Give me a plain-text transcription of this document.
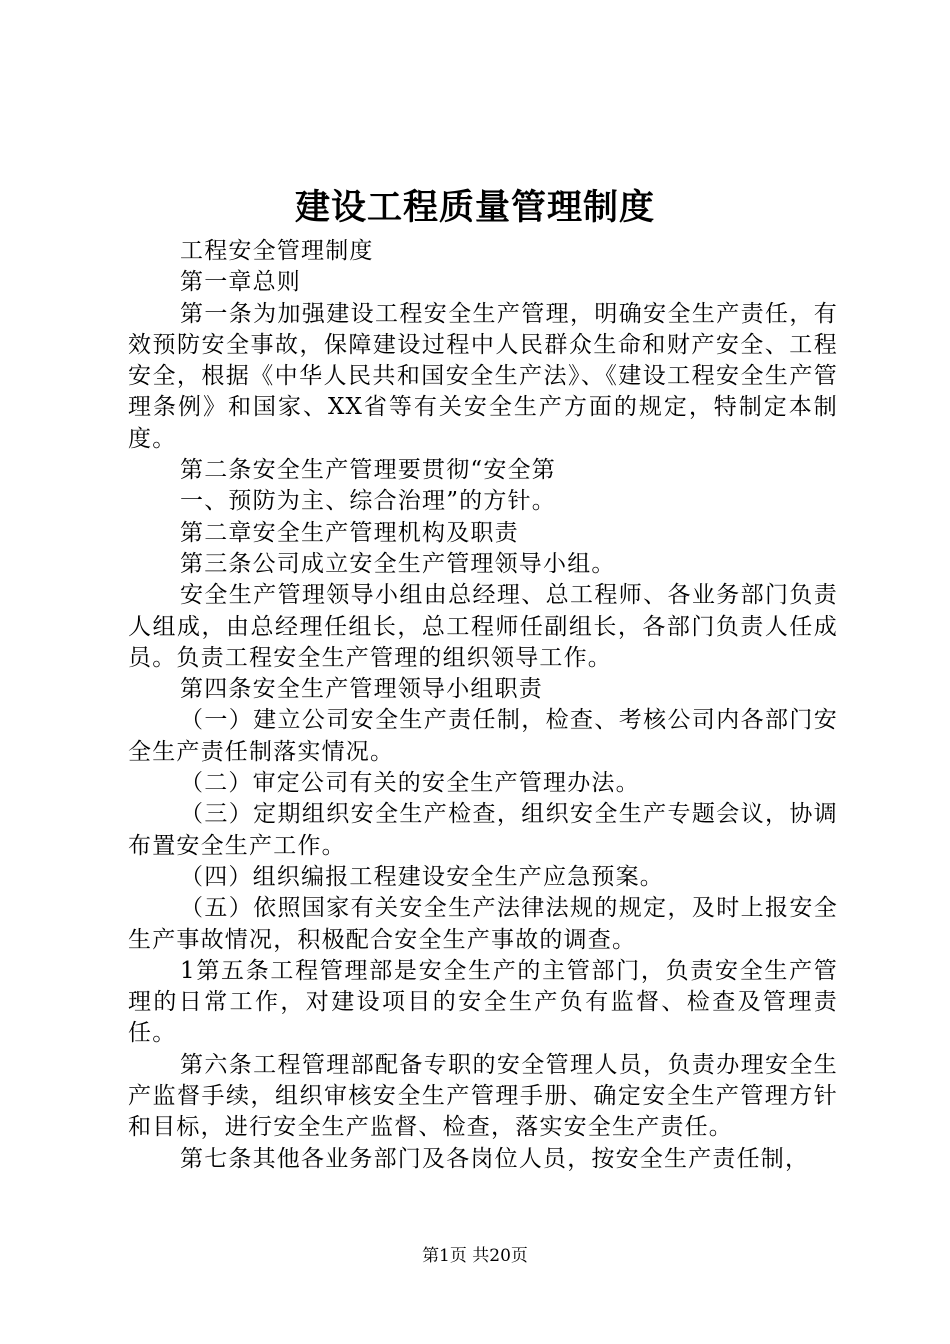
建设工程质量管理制度

工程安全管理制度

第一章总则

第一条为加强建设工程安全生产管理，明确安全生产责任，有效预防安全事故，保障建设过程中人民群众生命和财产安全、工程安全，根据《中华人民共和国安全生产法》、《建设工程安全生产管理条例》和国家、XX省等有关安全生产方面的规定，特制定本制度。

第二条安全生产管理要贯彻“安全第

一、预防为主、综合治理”的方针。

第二章安全生产管理机构及职责

第三条公司成立安全生产管理领导小组。

安全生产管理领导小组由总经理、总工程师、各业务部门负责人组成，由总经理任组长，总工程师任副组长，各部门负责人任成员。负责工程安全生产管理的组织领导工作。

第四条安全生产管理领导小组职责

（一）建立公司安全生产责任制，检查、考核公司内各部门安全生产责任制落实情况。

（二）审定公司有关的安全生产管理办法。

（三）定期组织安全生产检查，组织安全生产专题会议，协调布置安全生产工作。

（四）组织编报工程建设安全生产应急预案。

（五）依照国家有关安全生产法律法规的规定，及时上报安全生产事故情况，积极配合安全生产事故的调查。

1第五条工程管理部是安全生产的主管部门，负责安全生产管理的日常工作，对建设项目的安全生产负有监督、检查及管理责任。

第六条工程管理部配备专职的安全管理人员，负责办理安全生产监督手续，组织审核安全生产管理手册、确定安全生产管理方针和目标，进行安全生产监督、检查，落实安全生产责任。

第七条其他各业务部门及各岗位人员，按安全生产责任制，

第1页 共20页
